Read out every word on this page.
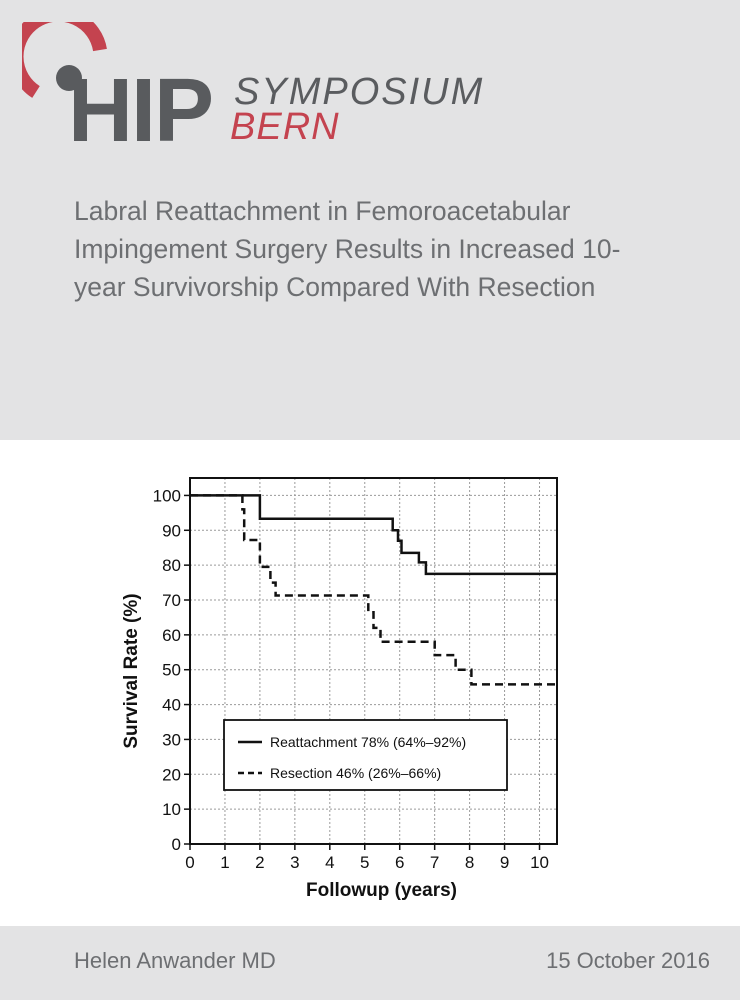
HIP SYMPOSIUM
BERN
Labral Reattachment in Femoroacetabular Impingement Surgery Results in Increased 10-year Survivorship Compared With Resection
0 1 2 3 4 5 6 7 8 9 10
0
10
20
30
40
50
60
70
80
90
100
Followup (years)
Survival Rate (%)	Reattachment 78% (64%–92%)
Resection 46% (26%–66%)
Helen Anwander MD	15 October 2016
